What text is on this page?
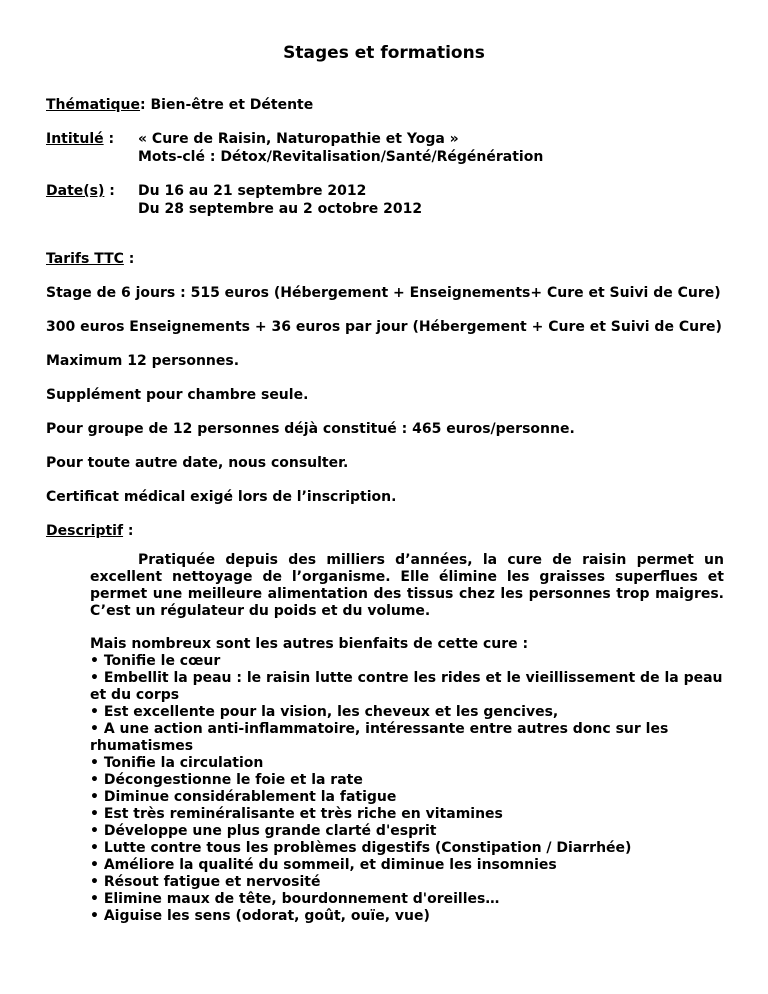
Stages et formations
Thématique: Bien-être et Détente
Intitulé : « Cure de Raisin, Naturopathie et Yoga »
Mots-clé : Détox/Revitalisation/Santé/Régénération
Date(s) : Du 16 au 21 septembre 2012
Du 28 septembre au 2 octobre 2012
Tarifs TTC :
Stage de 6 jours : 515 euros (Hébergement + Enseignements+ Cure et Suivi de Cure)
300 euros Enseignements + 36 euros par jour (Hébergement + Cure et Suivi de Cure)
Maximum 12 personnes.
Supplément pour chambre seule.
Pour groupe de 12 personnes déjà constitué : 465 euros/personne.
Pour toute autre date, nous consulter.
Certificat médical exigé lors de l’inscription.
Descriptif :

Pratiquée depuis des milliers d’années, la cure de raisin permet un excellent nettoyage de l’organisme. Elle élimine les graisses superflues et permet une meilleure alimentation des tissus chez les personnes trop maigres. C’est un régulateur du poids et du volume.

Mais nombreux sont les autres bienfaits de cette cure :
• Tonifie le cœur
• Embellit la peau : le raisin lutte contre les rides et le vieillissement de la peau et du corps
• Est excellente pour la vision, les cheveux et les gencives,
• A une action anti-inflammatoire, intéressante entre autres donc sur les rhumatismes
• Tonifie la circulation
• Décongestionne le foie et la rate
• Diminue considérablement la fatigue
• Est très reminéralisante et très riche en vitamines
• Développe une plus grande clarté d'esprit
• Lutte contre tous les problèmes digestifs (Constipation / Diarrhée)
• Améliore la qualité du sommeil, et diminue les insomnies
• Résout fatigue et nervosité
• Elimine maux de tête, bourdonnement d'oreilles…
• Aiguise les sens (odorat, goût, ouïe, vue)
